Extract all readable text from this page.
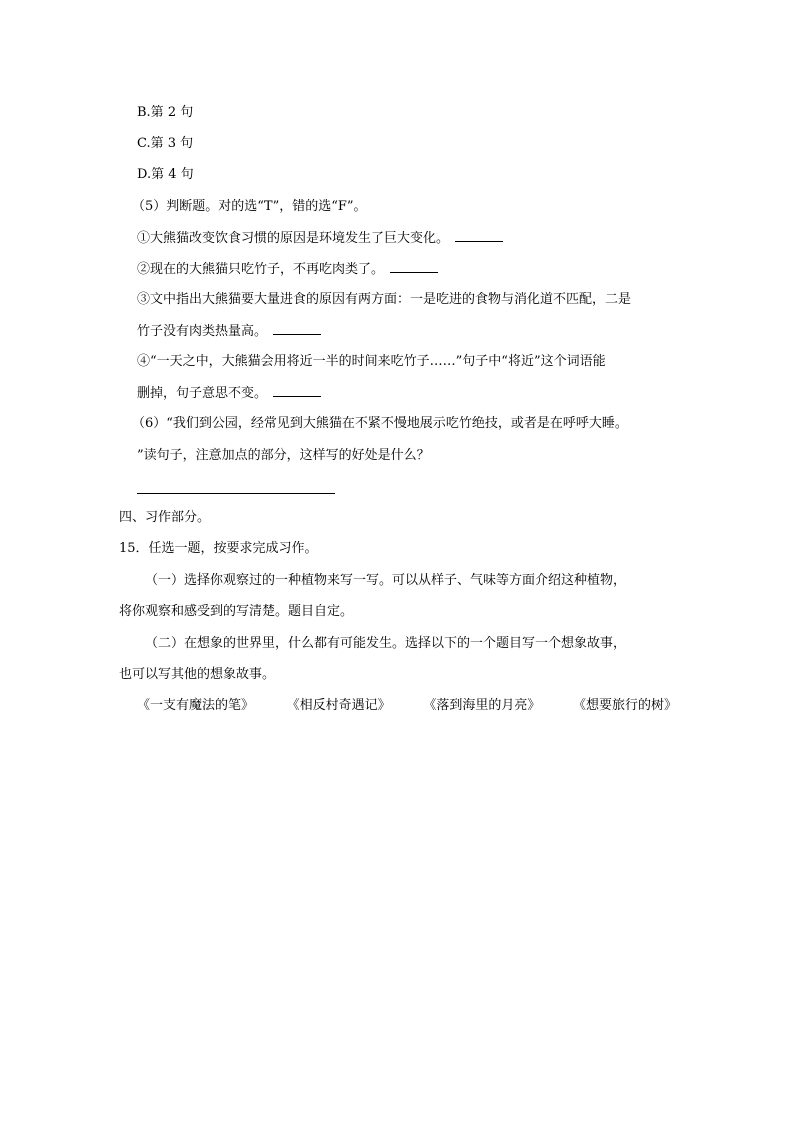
B.第 2 句
C.第 3 句
D.第 4 句
（5）判断题。对的选“T”，错的选“F”。
①大熊猫改变饮食习惯的原因是环境发生了巨大变化。
②现在的大熊猫只吃竹子，不再吃肉类了。
③文中指出大熊猫要大量进食的原因有两方面：一是吃进的食物与消化道不匹配，二是
竹子没有肉类热量高。
④“一天之中，大熊猫会用将近一半的时间来吃竹子……”句子中“将近”这个词语能
删掉，句子意思不变。
（6）“我们到公园，经常见到大熊猫在不紧不慢地展示吃竹绝技，或者是在呼呼大睡。
”读句子，注意加点的部分，这样写的好处是什么？
四、习作部分。
15．任选一题，按要求完成习作。
（一）选择你观察过的一种植物来写一写。可以从样子、气味等方面介绍这种植物，
将你观察和感受到的写清楚。题目自定。
（二）在想象的世界里，什么都有可能发生。选择以下的一个题目写一个想象故事，
也可以写其他的想象故事。
《一支有魔法的笔》	《相反村奇遇记》	《落到海里的月亮》	《想要旅行的树》
